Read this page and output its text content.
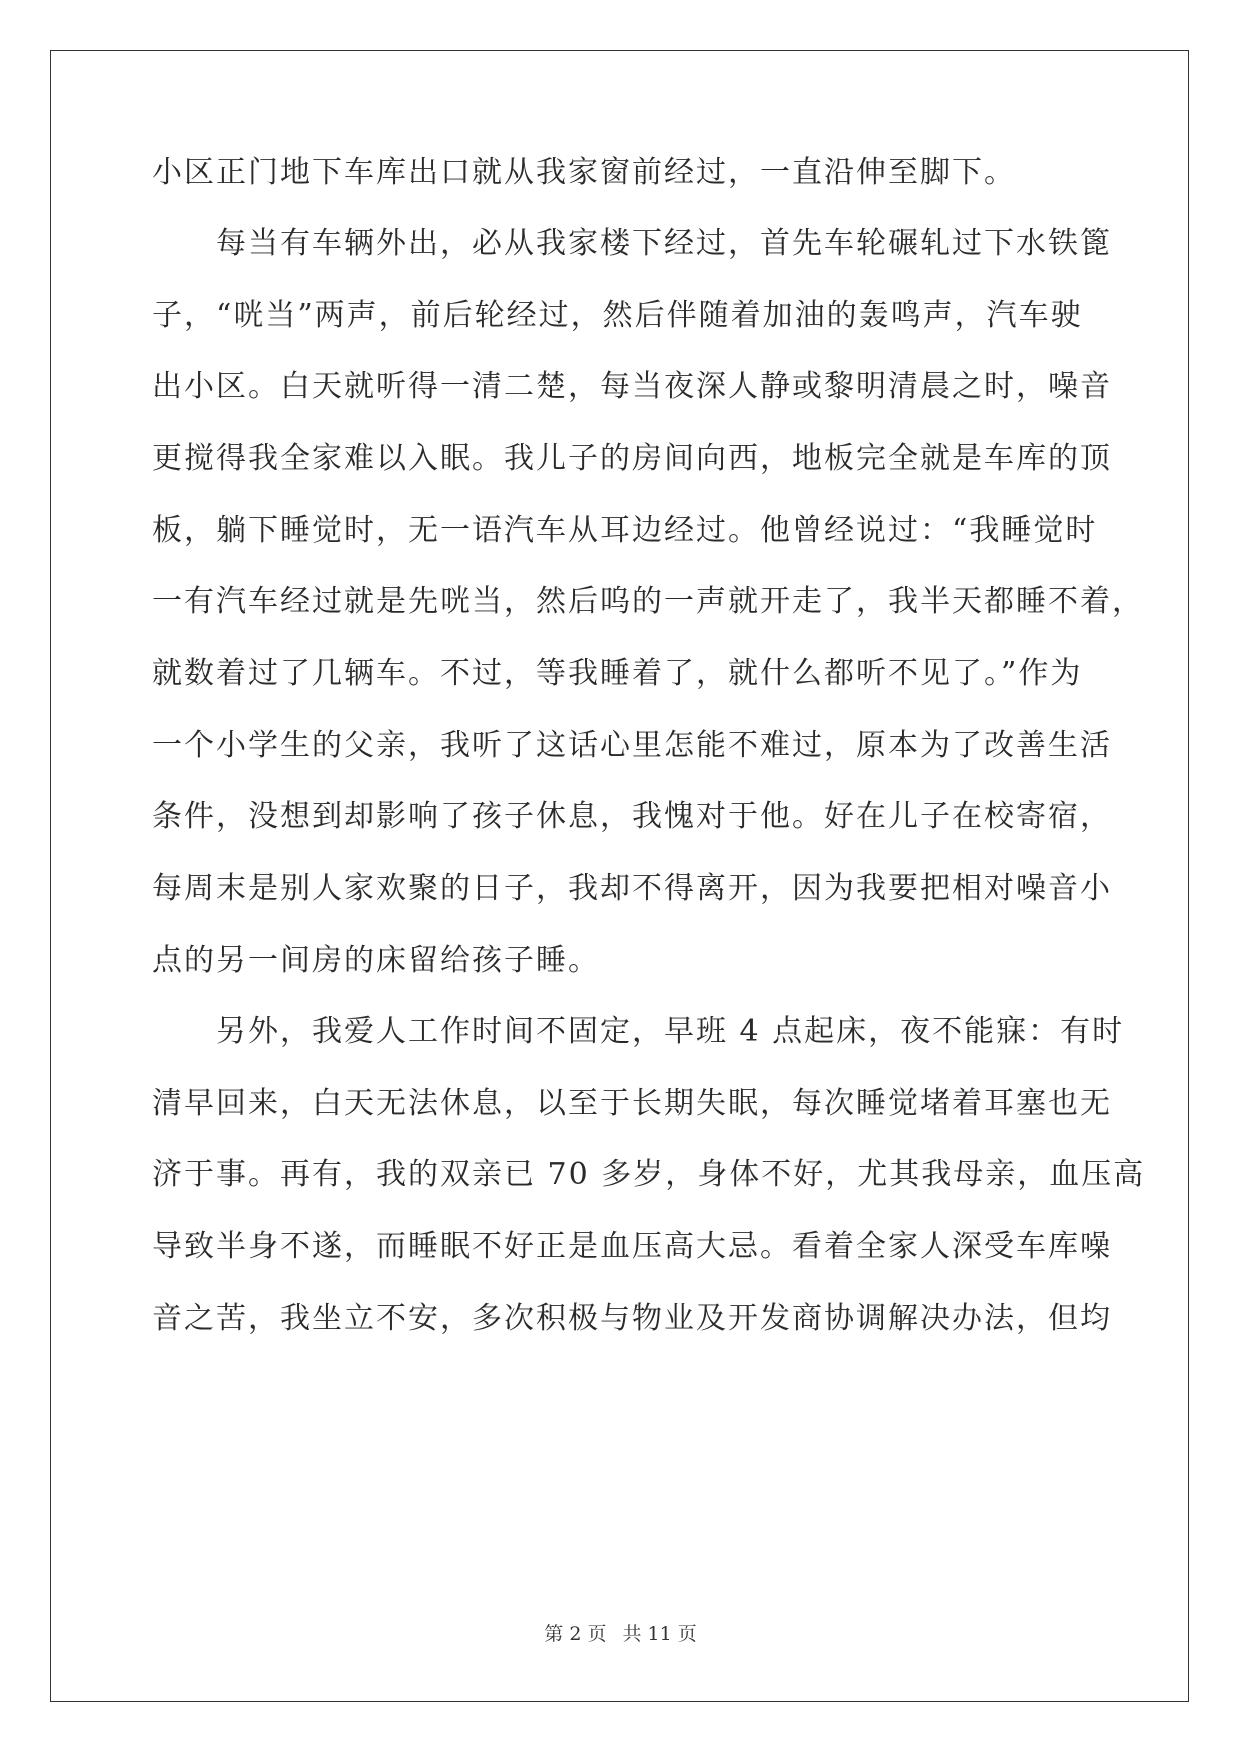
小区正门地下车库出口就从我家窗前经过，一直沿伸至脚下。
　　每当有车辆外出，必从我家楼下经过，首先车轮碾轧过下水铁篦
子，“咣当”两声，前后轮经过，然后伴随着加油的轰鸣声，汽车驶
出小区。白天就听得一清二楚，每当夜深人静或黎明清晨之时，噪音
更搅得我全家难以入眠。我儿子的房间向西，地板完全就是车库的顶
板，躺下睡觉时，无一语汽车从耳边经过。他曾经说过：“我睡觉时
一有汽车经过就是先咣当，然后呜的一声就开走了，我半天都睡不着，
就数着过了几辆车。不过，等我睡着了，就什么都听不见了。”作为
一个小学生的父亲，我听了这话心里怎能不难过，原本为了改善生活
条件，没想到却影响了孩子休息，我愧对于他。好在儿子在校寄宿，
每周末是别人家欢聚的日子，我却不得离开，因为我要把相对噪音小
点的另一间房的床留给孩子睡。
　　另外，我爱人工作时间不固定，早班 4 点起床，夜不能寐：有时
清早回来，白天无法休息，以至于长期失眠，每次睡觉堵着耳塞也无
济于事。再有，我的双亲已 70 多岁，身体不好，尤其我母亲，血压高
导致半身不遂，而睡眠不好正是血压高大忌。看着全家人深受车库噪
音之苦，我坐立不安，多次积极与物业及开发商协调解决办法，但均
第 2 页 共 11 页
